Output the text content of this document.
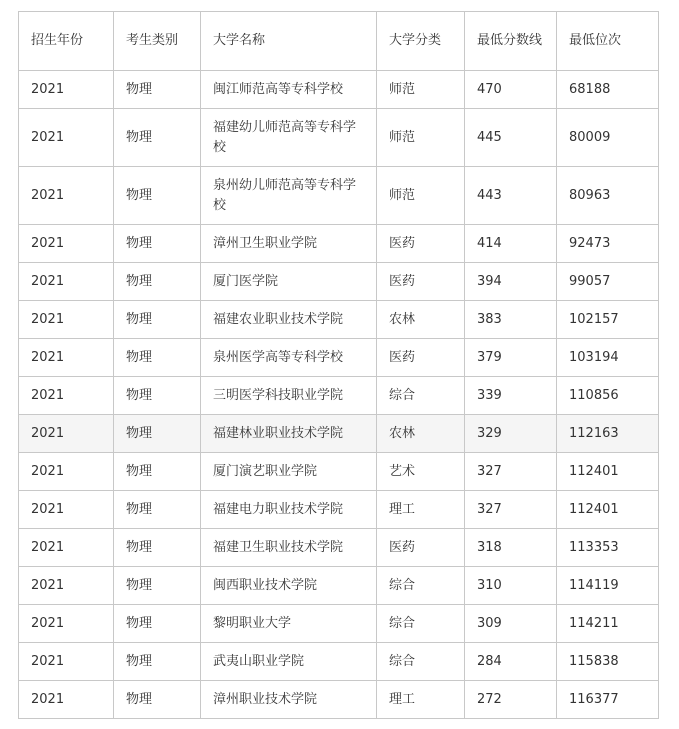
招生年份	考生类别	大学名称	大学分类	最低分数线	最低位次
2021	物理	闽江师范高等专科学校	师范	470	68188
2021	物理	福建幼儿师范高等专科学校	师范	445	80009
2021	物理	泉州幼儿师范高等专科学校	师范	443	80963
2021	物理	漳州卫生职业学院	医药	414	92473
2021	物理	厦门医学院	医药	394	99057
2021	物理	福建农业职业技术学院	农林	383	102157
2021	物理	泉州医学高等专科学校	医药	379	103194
2021	物理	三明医学科技职业学院	综合	339	110856
2021	物理	福建林业职业技术学院	农林	329	112163
2021	物理	厦门演艺职业学院	艺术	327	112401
2021	物理	福建电力职业技术学院	理工	327	112401
2021	物理	福建卫生职业技术学院	医药	318	113353
2021	物理	闽西职业技术学院	综合	310	114119
2021	物理	黎明职业大学	综合	309	114211
2021	物理	武夷山职业学院	综合	284	115838
2021	物理	漳州职业技术学院	理工	272	116377
